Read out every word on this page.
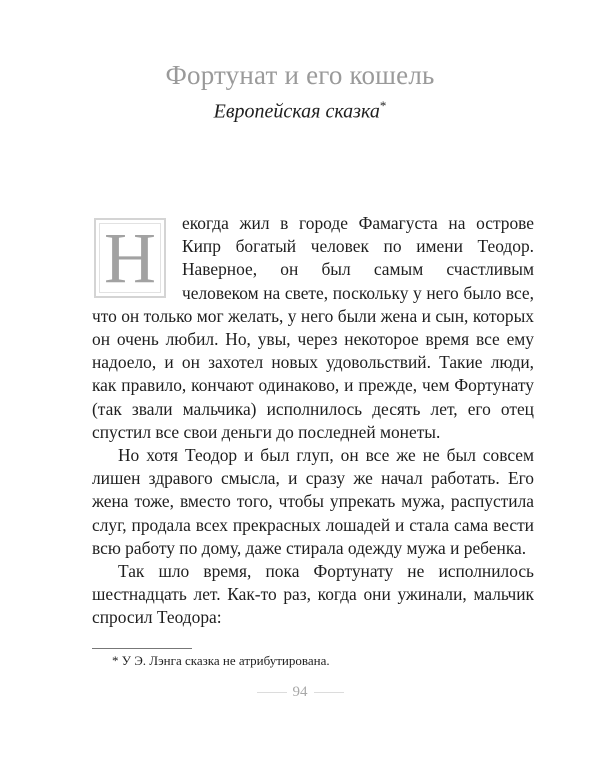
Фортунат и его кошель
Европейская сказка*

Н	екогда жил в городе Фамагуста на острове Кипр богатый человек по имени Теодор. Наверное, он был самым счастливым человеком на свете, поскольку у него было все, что он только мог желать, у него были жена и сын, которых он очень любил. Но, увы, через некоторое время все ему надоело, и он захотел новых удовольствий. Такие люди, как правило, кончают одинаково, и прежде, чем Фортунату (так звали мальчика) исполнилось десять лет, его отец спустил все свои деньги до последней монеты.

Но хотя Теодор и был глуп, он все же не был совсем лишен здравого смысла, и сразу же начал работать. Его жена тоже, вместо того, чтобы упрекать мужа, распустила слуг, продала всех прекрасных лошадей и стала сама вести всю работу по дому, даже стирала одежду мужа и ребенка.

Так шло время, пока Фортунату не исполнилось шестнадцать лет. Как-то раз, когда они ужинали, мальчик спросил Теодора:

* У Э. Лэнга сказка не атрибутирована.
94
